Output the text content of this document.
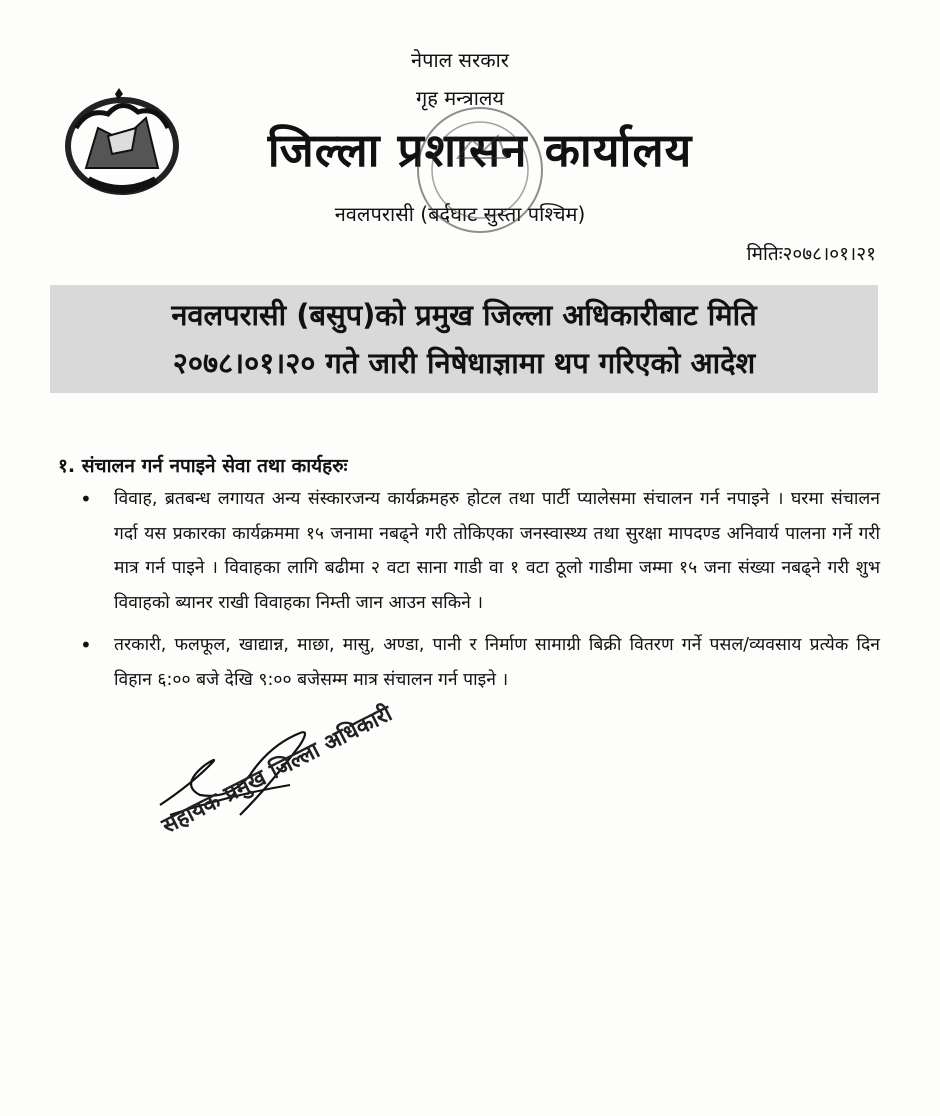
नेपाल सरकार
गृह मन्त्रालय
जिल्ला प्रशासन कार्यालय
नवलपरासी (बर्दघाट सुस्ता पश्चिम)
मितिः२०७८।०१।२१
नवलपरासी (बसुप)को प्रमुख जिल्ला अधिकारीबाट मिति
२०७८।०१।२० गते जारी निषेधाज्ञामा थप गरिएको आदेश
१. संचालन गर्न नपाइने सेवा तथा कार्यहरुः
• विवाह, ब्रतबन्ध लगायत अन्य संस्कारजन्य कार्यक्रमहरु होटल तथा पार्टी प्यालेसमा संचालन गर्न नपाइने । घरमा संचालन गर्दा यस प्रकारका कार्यक्रममा १५ जनामा नबढ्ने गरी तोकिएका जनस्वास्थ्य तथा सुरक्षा मापदण्ड अनिवार्य पालना गर्ने गरी मात्र गर्न पाइने । विवाहका लागि बढीमा २ वटा साना गाडी वा १ वटा ठूलो गाडीमा जम्मा १५ जना संख्या नबढ्ने गरी शुभ विवाहको ब्यानर राखी विवाहका निम्ती जान आउन सकिने ।
• तरकारी, फलफूल, खाद्यान्न, माछा, मासु, अण्डा, पानी र निर्माण सामाग्री बिक्री वितरण गर्ने पसल/व्यवसाय प्रत्येक दिन विहान ६:०० बजे देखि ९:०० बजेसम्म मात्र संचालन गर्न पाइने ।
सहायक प्रमुख जिल्ला अधिकारी
